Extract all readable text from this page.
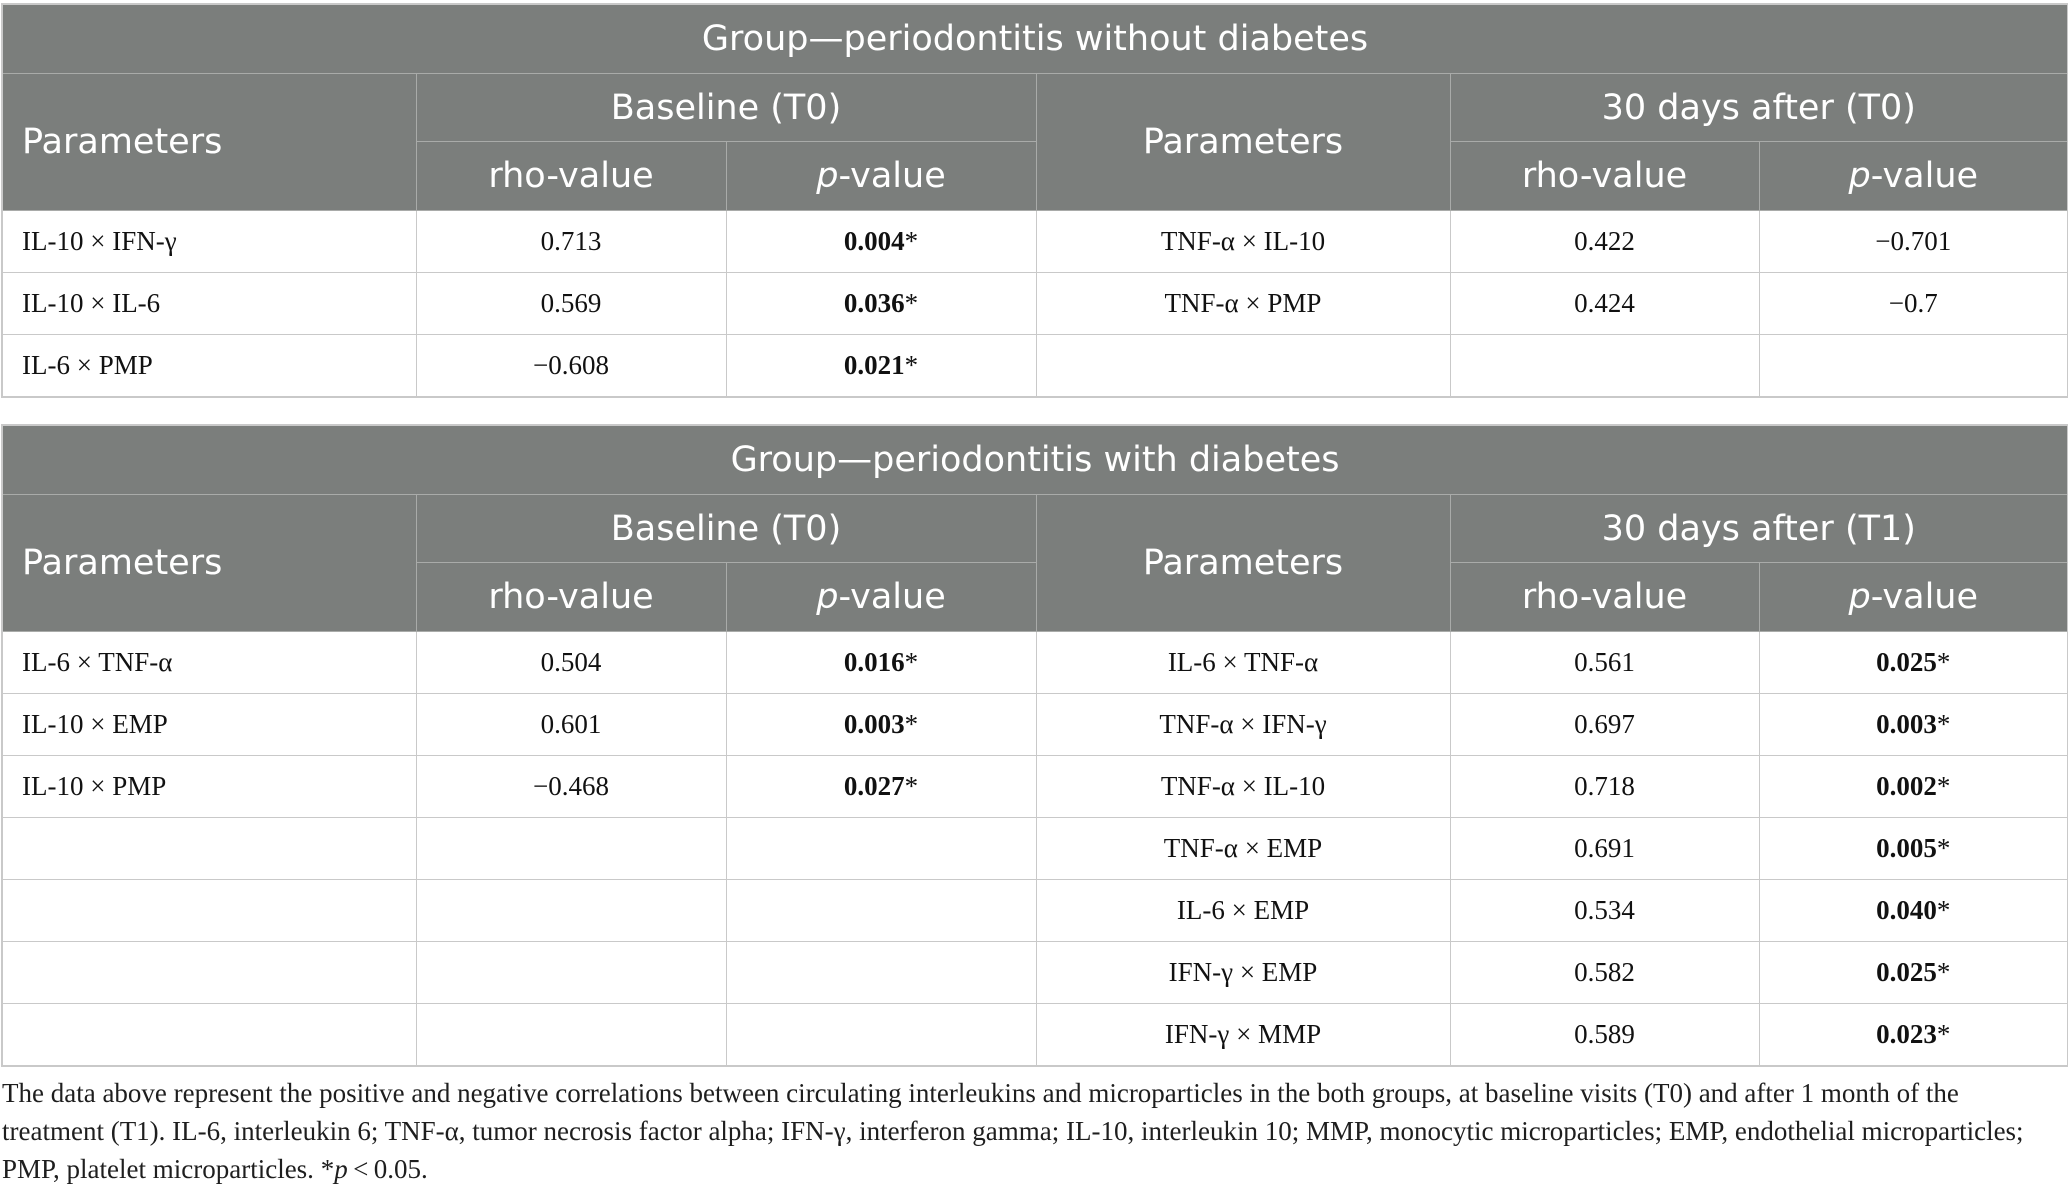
Group—periodontitis without diabetes					
Parameters	Baseline (T0)		Parameters	30 days after (T0)	
	rho-value	p-value		rho-value	p-value
IL-10 × IFN-γ	0.713	0.004*	TNF-α × IL-10	0.422	−0.701
IL-10 × IL-6	0.569	0.036*	TNF-α × PMP	0.424	−0.7
IL-6 × PMP	−0.608	0.021*			
Group—periodontitis with diabetes					
Parameters	Baseline (T0)		Parameters	30 days after (T1)	
	rho-value	p-value		rho-value	p-value
IL-6 × TNF-α	0.504	0.016*	IL-6 × TNF-α	0.561	0.025*
IL-10 × EMP	0.601	0.003*	TNF-α × IFN-γ	0.697	0.003*
IL-10 × PMP	−0.468	0.027*	TNF-α × IL-10	0.718	0.002*
			TNF-α × EMP	0.691	0.005*
			IL-6 × EMP	0.534	0.040*
			IFN-γ × EMP	0.582	0.025*
			IFN-γ × MMP	0.589	0.023*

The data above represent the positive and negative correlations between circulating interleukins and microparticles in the both groups, at baseline visits (T0) and after 1 month of the treatment (T1). IL-6, interleukin 6; TNF-α, tumor necrosis factor alpha; IFN-γ, interferon gamma; IL-10, interleukin 10; MMP, monocytic microparticles; EMP, endothelial microparticles; PMP, platelet microparticles. *p < 0.05.
